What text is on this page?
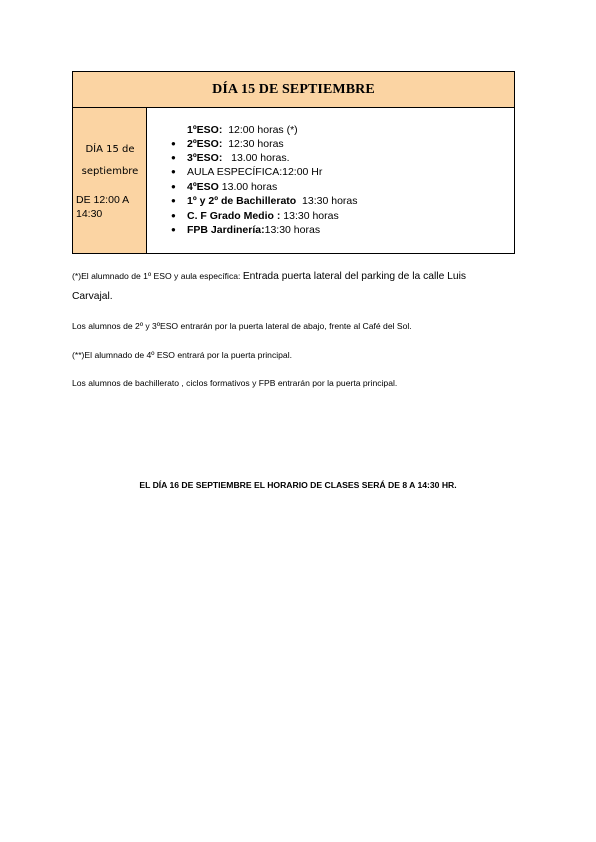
DÍA 15 DE SEPTIEMBRE
DÍA 15 de
septiembre
DE 12:00 A
14:30
1ºESO:  12:00 horas (*)
● 2ºESO:  12:30 horas
● 3ºESO:   13.00 horas.
● AULA ESPECÍFICA:12:00 Hr
● 4ºESO 13.00 horas
● 1º y 2º de Bachillerato  13:30 horas
● C. F Grado Medio : 13:30 horas
● FPB Jardinería:13:30 horas
(*)El alumnado de 1º ESO y aula específica: Entrada puerta lateral del parking de la calle Luis
Carvajal.
Los alumnos de 2º y 3ºESO entrarán por la puerta lateral de abajo, frente al Café del Sol.
(**)El alumnado de 4º ESO entrará por la puerta principal.
Los alumnos de bachillerato , ciclos formativos y FPB entrarán por la puerta principal.
EL DÍA 16 DE SEPTIEMBRE EL HORARIO DE CLASES SERÁ DE 8 A 14:30 HR.
